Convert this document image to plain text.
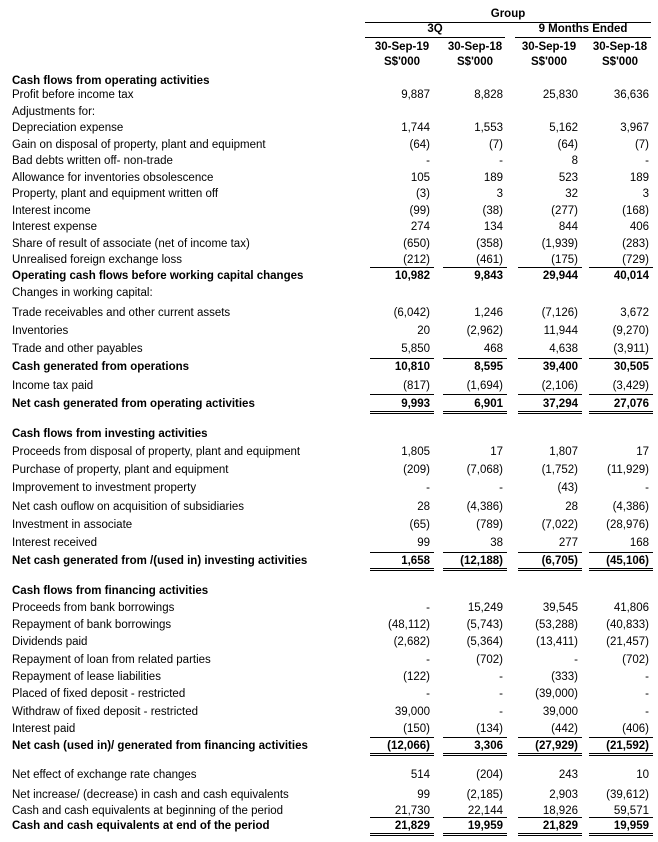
Group
3Q	9 Months Ended
30-Sep-19	30-Sep-18	30-Sep-19	30-Sep-18
S$'000	S$'000	S$'000	S$'000
Cash flows from operating activities
Profit before income tax	9,887	8,828	25,830	36,636
Adjustments for:
Depreciation expense	1,744	1,553	5,162	3,967
Gain on disposal of property, plant and equipment	(64)	(7)	(64)	(7)
Bad debts written off- non-trade	-	-	8	-
Allowance for inventories obsolescence	105	189	523	189
Property, plant and equipment written off	(3)	3	32	3
Interest income	(99)	(38)	(277)	(168)
Interest expense	274	134	844	406
Share of result of associate (net of income tax)	(650)	(358)	(1,939)	(283)
Unrealised foreign exchange loss	(212)	(461)	(175)	(729)
Operating cash flows before working capital changes	10,982	9,843	29,944	40,014
Changes in working capital:
Trade receivables and other current assets	(6,042)	1,246	(7,126)	3,672
Inventories	20	(2,962)	11,944	(9,270)
Trade and other payables	5,850	468	4,638	(3,911)
Cash generated from operations	10,810	8,595	39,400	30,505
Income tax paid	(817)	(1,694)	(2,106)	(3,429)
Net cash generated from operating activities	9,993	6,901	37,294	27,076
Cash flows from investing activities
Proceeds from disposal of property, plant and equipment	1,805	17	1,807	17
Purchase of property, plant and equipment	(209)	(7,068)	(1,752)	(11,929)
Improvement to investment property	-	-	(43)	-
Net cash ouflow on acquisition of subsidiaries	28	(4,386)	28	(4,386)
Investment in associate	(65)	(789)	(7,022)	(28,976)
Interest received	99	38	277	168
Net cash generated from /(used in) investing activities	1,658	(12,188)	(6,705)	(45,106)
Cash flows from financing activities
Proceeds from bank borrowings	-	15,249	39,545	41,806
Repayment of bank borrowings	(48,112)	(5,743)	(53,288)	(40,833)
Dividends paid	(2,682)	(5,364)	(13,411)	(21,457)
Repayment of loan from related parties	-	(702)	-	(702)
Repayment of lease liabilities	(122)	-	(333)	-
Placed of fixed deposit - restricted	-	-	(39,000)	-
Withdraw of fixed deposit - restricted	39,000	-	39,000	-
Interest paid	(150)	(134)	(442)	(406)
Net cash (used in)/ generated from financing activities	(12,066)	3,306	(27,929)	(21,592)
Net effect of exchange rate changes	514	(204)	243	10
Net increase/ (decrease) in cash and cash equivalents	99	(2,185)	2,903	(39,612)
Cash and cash equivalents at beginning of the period	21,730	22,144	18,926	59,571
Cash and cash equivalents at end of the period	21,829	19,959	21,829	19,959
